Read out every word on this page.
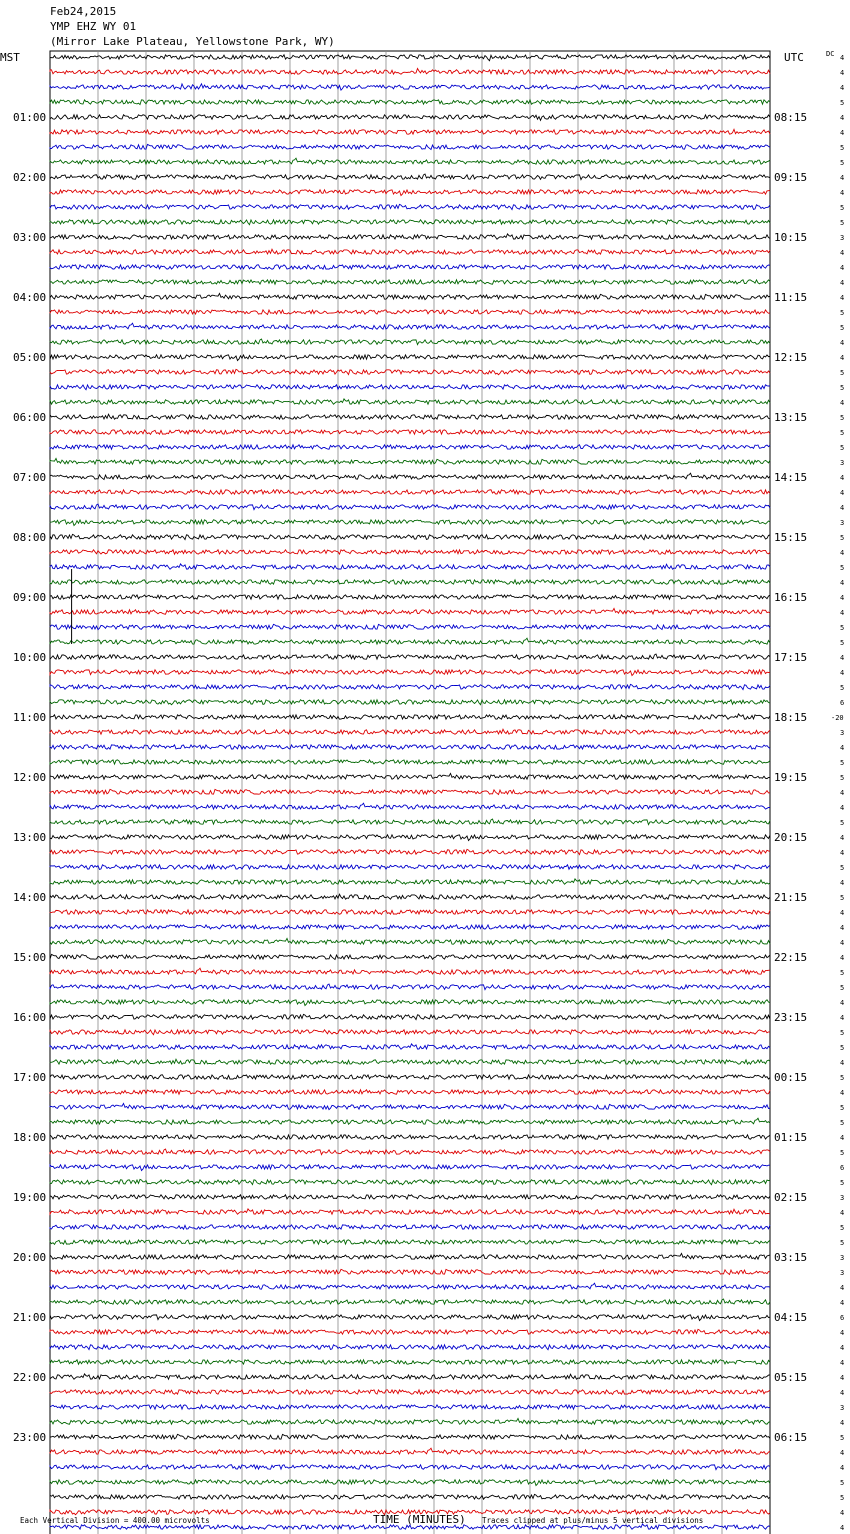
Feb24,2015
YMP EHZ WY 01
(Mirror Lake Plateau, Yellowstone Park, WY)
MST	UTC	DC
TIME (MINUTES)
Each Vertical Division = 400.00 microvolts	Traces clipped at plus/minus 5 vertical divisions
4
4
4
5
4
4
5
5
4
4
5
5
3
4
4
4
4
5
5
4
4
5
5
4
5
5
5
3
4
4
4
3
5
4
5
4
4
4
5
5
4
4
5
6
-20
3
4
5
5
4
4
5
4
4
5
4
5
4
4
4
4
5
5
4
4
5
5
4
5
4
5
5
4
5
6
5
3
4
5
5
3
3
4
4
6
4
4
4
4
4
3
4
5
4
4
5
5
4
4
01:00
02:00
03:00
04:00
05:00
06:00
07:00
08:00
09:00
10:00
11:00
12:00
13:00
14:00
15:00
16:00
17:00
18:00
19:00
20:00
21:00
22:00
23:00
08:15
09:15
10:15
11:15
12:15
13:15
14:15
15:15
16:15
17:15
18:15
19:15
20:15
21:15
22:15
23:15
00:15
01:15
02:15
03:15
04:15
05:15
06:15
